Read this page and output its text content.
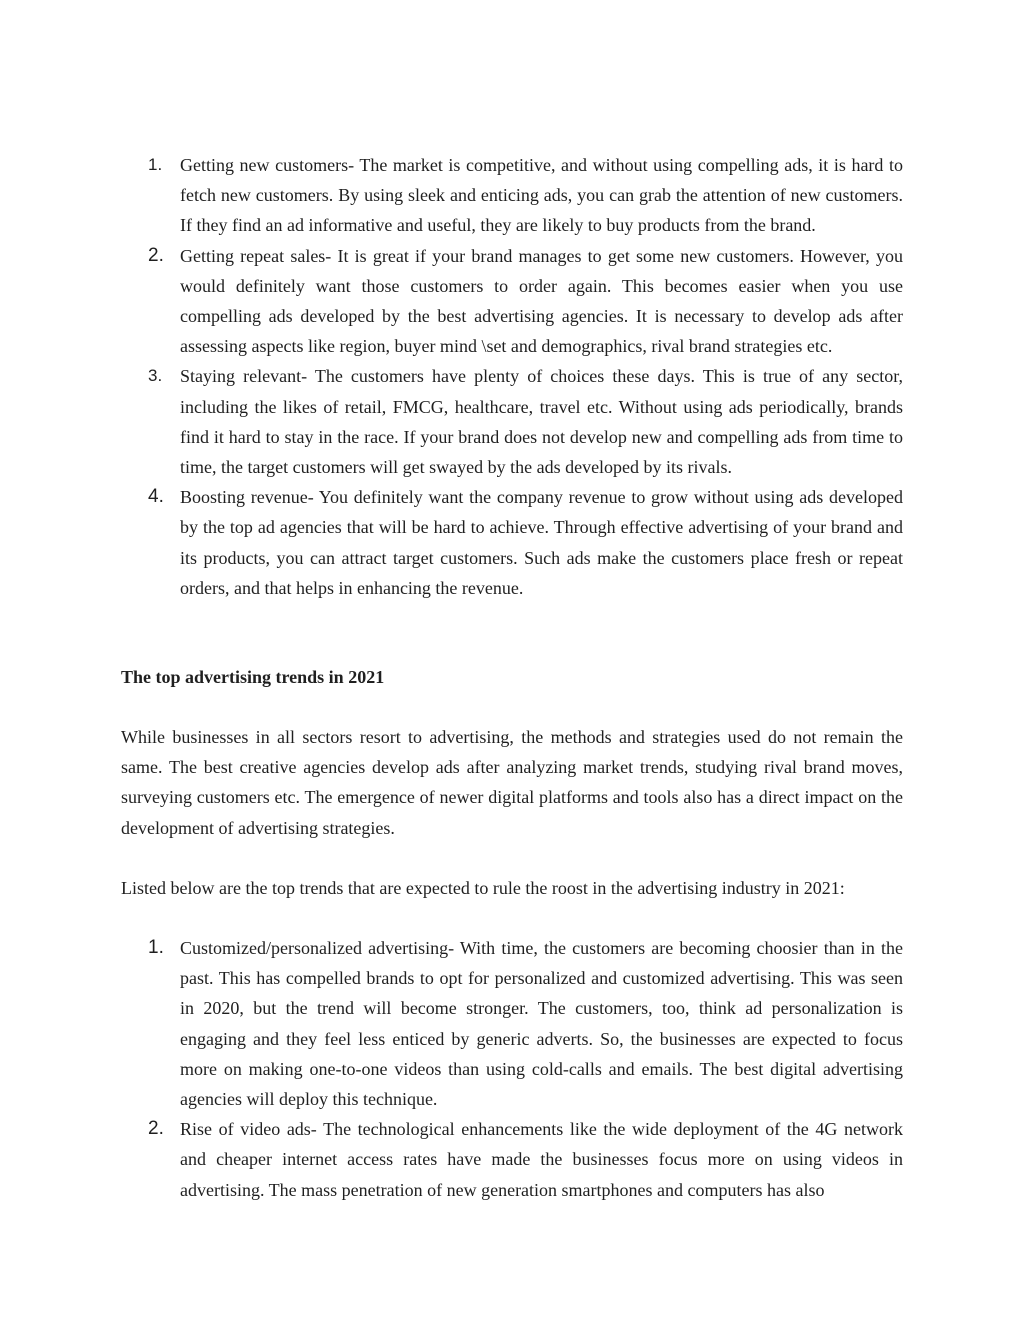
1. Getting new customers- The market is competitive, and without using compelling ads, it is hard to fetch new customers. By using sleek and enticing ads, you can grab the attention of new customers. If they find an ad informative and useful, they are likely to buy products from the brand.
2. Getting repeat sales- It is great if your brand manages to get some new customers. However, you would definitely want those customers to order again. This becomes easier when you use compelling ads developed by the best advertising agencies. It is necessary to develop ads after assessing aspects like region, buyer mind \set and demographics, rival brand strategies etc.
3. Staying relevant- The customers have plenty of choices these days. This is true of any sector, including the likes of retail, FMCG, healthcare, travel etc. Without using ads periodically, brands find it hard to stay in the race. If your brand does not develop new and compelling ads from time to time, the target customers will get swayed by the ads developed by its rivals.
4. Boosting revenue- You definitely want the company revenue to grow without using ads developed by the top ad agencies that will be hard to achieve. Through effective advertising of your brand and its products, you can attract target customers. Such ads make the customers place fresh or repeat orders, and that helps in enhancing the revenue.
The top advertising trends in 2021

While businesses in all sectors resort to advertising, the methods and strategies used do not remain the same. The best creative agencies develop ads after analyzing market trends, studying rival brand moves, surveying customers etc. The emergence of newer digital platforms and tools also has a direct impact on the development of advertising strategies.

Listed below are the top trends that are expected to rule the roost in the advertising industry in 2021:

1. Customized/personalized advertising- With time, the customers are becoming choosier than in the past. This has compelled brands to opt for personalized and customized advertising. This was seen in 2020, but the trend will become stronger. The customers, too, think ad personalization is engaging and they feel less enticed by generic adverts. So, the businesses are expected to focus more on making one-to-one videos than using cold-calls and emails. The best digital advertising agencies will deploy this technique.
2. Rise of video ads- The technological enhancements like the wide deployment of the 4G network and cheaper internet access rates have made the businesses focus more on using videos in advertising. The mass penetration of new generation smartphones and computers has also
